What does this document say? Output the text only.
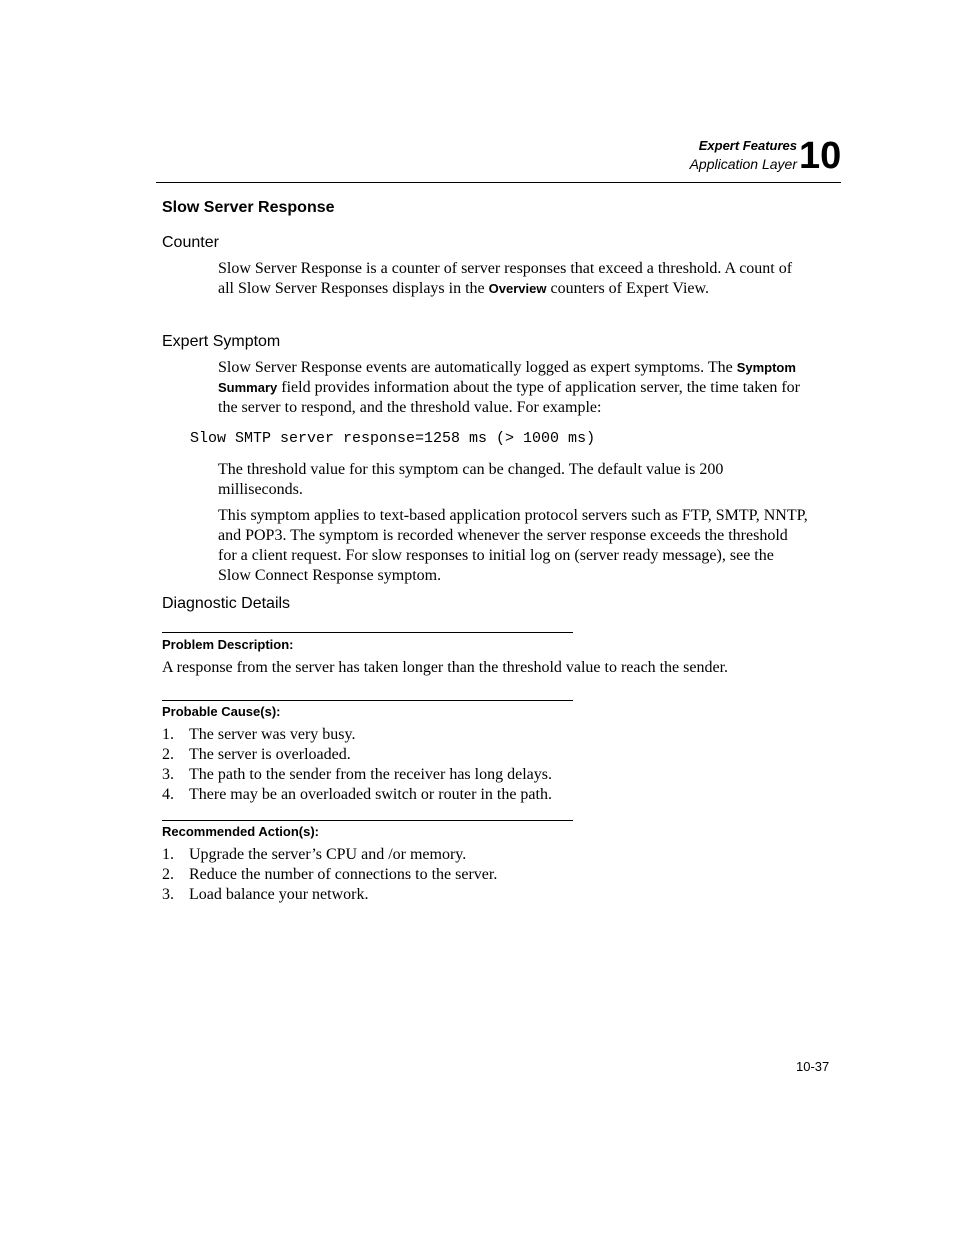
Expert Features
Application Layer 10
Slow Server Response
Counter
Slow Server Response is a counter of server responses that exceed a threshold. A count of all Slow Server Responses displays in the Overview counters of Expert View.
Expert Symptom
Slow Server Response events are automatically logged as expert symptoms. The Symptom Summary field provides information about the type of application server, the time taken for the server to respond, and the threshold value. For example:
Slow SMTP server response=1258 ms (> 1000 ms)
The threshold value for this symptom can be changed. The default value is 200 milliseconds.
This symptom applies to text-based application protocol servers such as FTP, SMTP, NNTP, and POP3. The symptom is recorded whenever the server response exceeds the threshold for a client request. For slow responses to initial log on (server ready message), see the Slow Connect Response symptom.
Diagnostic Details
Problem Description:
A response from the server has taken longer than the threshold value to reach the sender.
Probable Cause(s):
1. The server was very busy.
2. The server is overloaded.
3. The path to the sender from the receiver has long delays.
4. There may be an overloaded switch or router in the path.
Recommended Action(s):
1. Upgrade the server’s CPU and /or memory.
2. Reduce the number of connections to the server.
3. Load balance your network.
10-37
